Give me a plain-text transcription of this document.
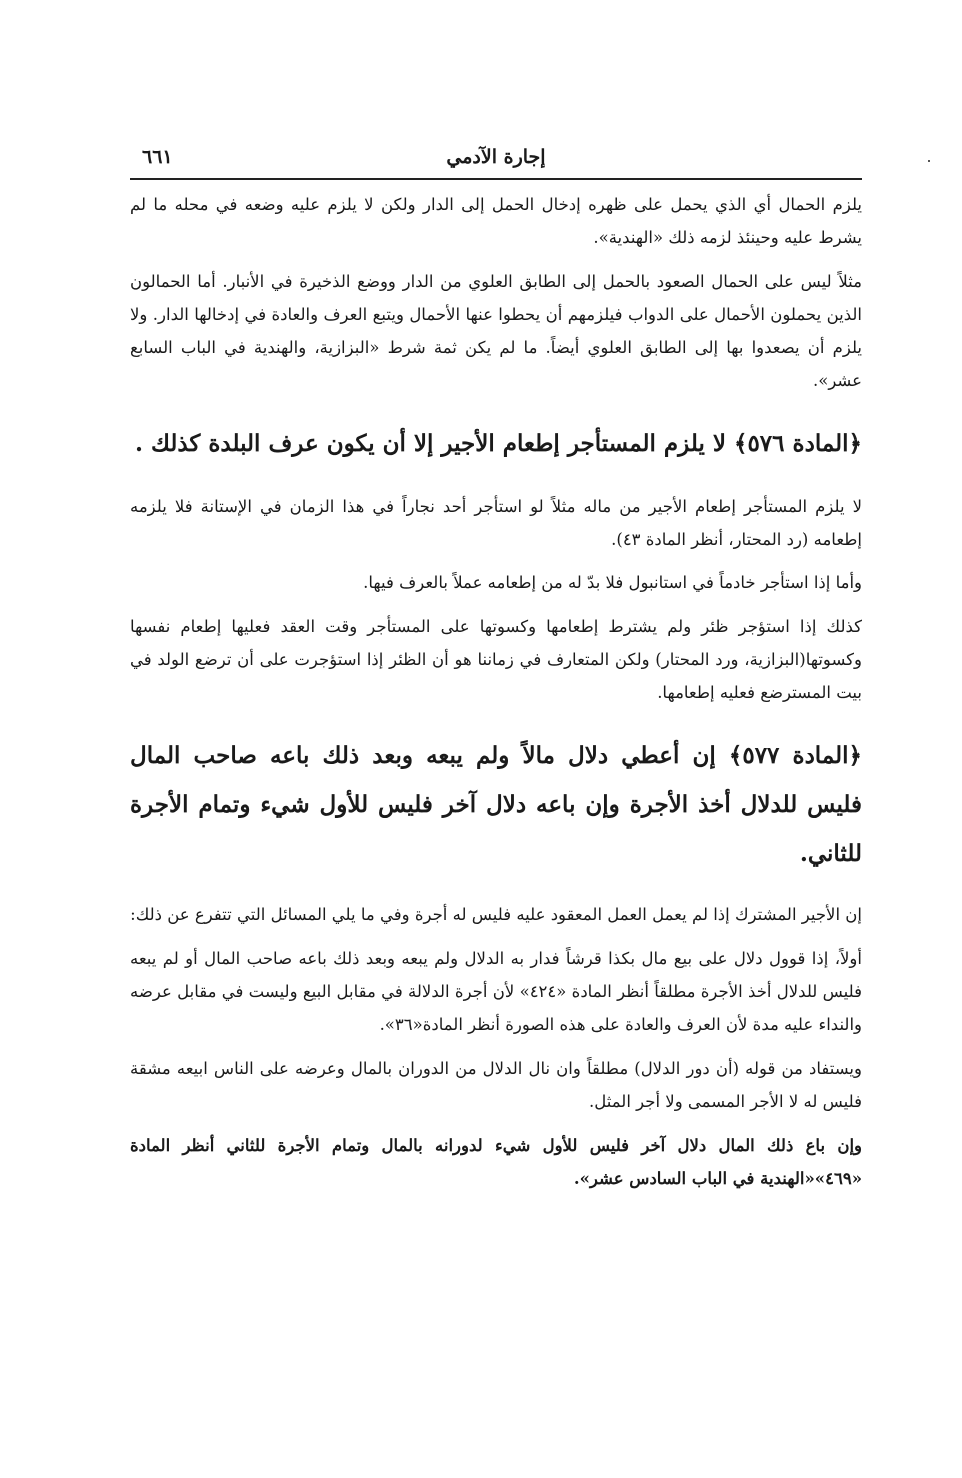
إجارة الآدمي
٦٦١

يلزم الحمال أي الذي يحمل على ظهره إدخال الحمل إلى الدار ولكن لا يلزم عليه وضعه في محله ما لم يشرط عليه وحينئذ لزمه ذلك «الهندية».

مثلاً ليس على الحمال الصعود بالحمل إلى الطابق العلوي من الدار ووضع الذخيرة في الأنبار. أما الحمالون الذين يحملون الأحمال على الدواب فيلزمهم أن يحطوا عنها الأحمال ويتبع العرف والعادة في إدخالها الدار. ولا يلزم أن يصعدوا بها إلى الطابق العلوي أيضاً. ما لم يكن ثمة شرط «البزازية، والهندية في الباب السابع عشر».

﴿المادة ٥٧٦﴾ لا يلزم المستأجر إطعام الأجير إلا أن يكون عرف البلدة كذلك .

لا يلزم المستأجر إطعام الأجير من ماله مثلاً لو استأجر أحد نجاراً في هذا الزمان في الإستانة فلا يلزمه إطعامه (رد المحتار، أنظر المادة ٤٣).

وأما إذا استأجر خادماً في استانبول فلا بدّ له من إطعامه عملاً بالعرف فيها.

كذلك إذا استؤجر ظئر ولم يشترط إطعامها وكسوتها على المستأجر وقت العقد فعليها إطعام نفسها وكسوتها(البزازية، ورد المحتار) ولكن المتعارف في زماننا هو أن الظئر إذا استؤجرت على أن ترضع الولد في بيت المسترضع فعليه إطعامها.

﴿المادة ٥٧٧﴾ إن أعطي دلال مالاً ولم يبعه وبعد ذلك باعه صاحب المال فليس للدلال أخذ الأجرة وإن باعه دلال آخر فليس للأول شيء وتمام الأجرة للثاني.

إن الأجير المشترك إذا لم يعمل العمل المعقود عليه فليس له أجرة وفي ما يلي المسائل التي تتفرع عن ذلك:

أولاً، إذا قوول دلال على بيع مال بكذا قرشاً فدار به الدلال ولم يبعه وبعد ذلك باعه صاحب المال أو لم يبعه فليس للدلال أخذ الأجرة مطلقاً أنظر المادة «٤٢٤» لأن أجرة الدلالة في مقابل البيع وليست في مقابل عرضه والنداء عليه مدة لأن العرف والعادة على هذه الصورة أنظر المادة«٣٦».

ويستفاد من قوله (أن دور الدلال) مطلقاً وان نال الدلال من الدوران بالمال وعرضه على الناس ابيعه مشقة فليس له لا الأجر المسمى ولا أجر المثل.

وإن باع ذلك المال دلال آخر فليس للأول شيء لدورانه بالمال وتمام الأجرة للثاني أنظر المادة «٤٦٩»«الهندية في الباب السادس عشر».
